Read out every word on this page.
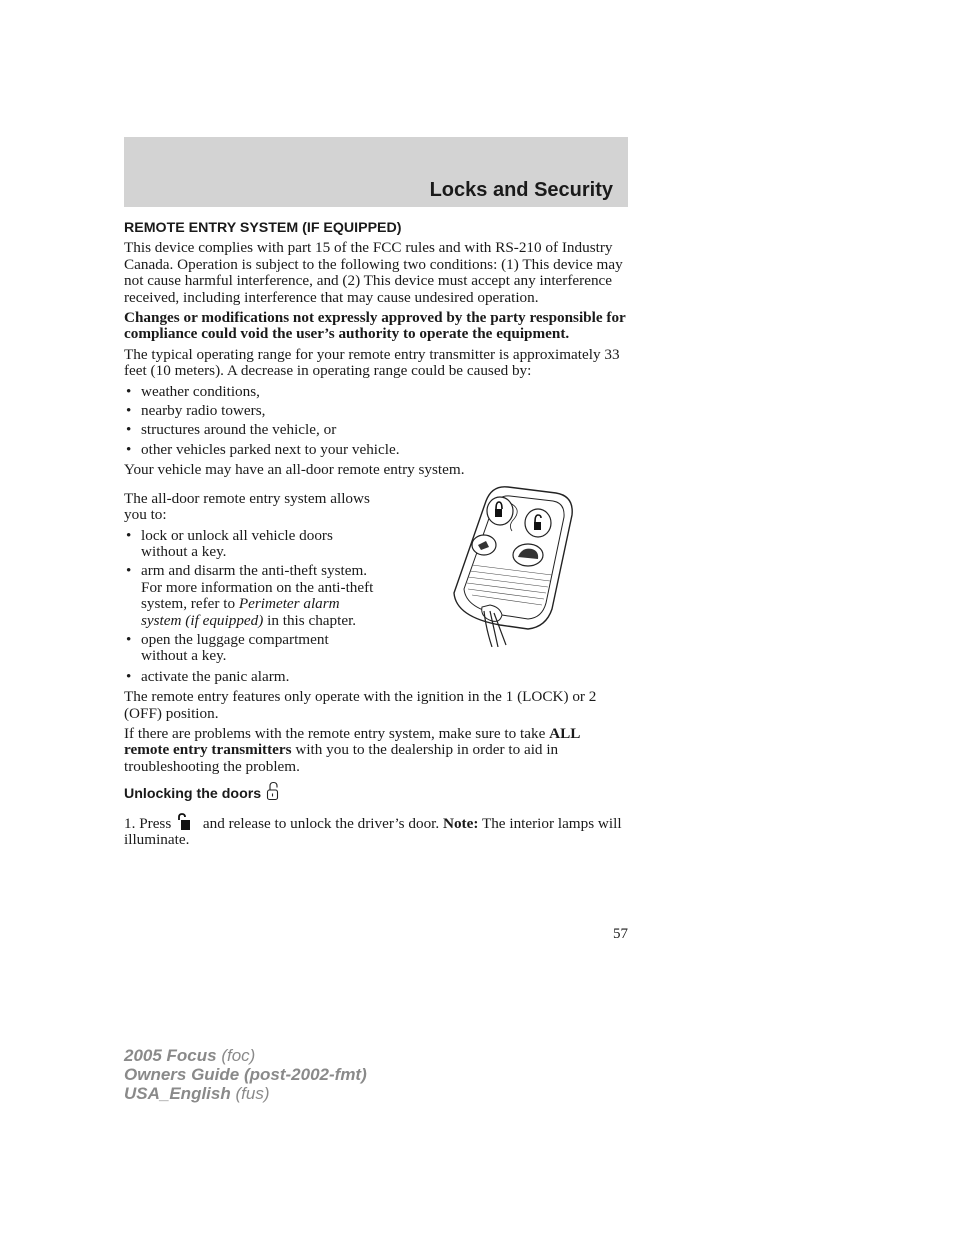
Locks and Security
REMOTE ENTRY SYSTEM (IF EQUIPPED)

This device complies with part 15 of the FCC rules and with RS-210 of Industry Canada. Operation is subject to the following two conditions: (1) This device may not cause harmful interference, and (2) This device must accept any interference received, including interference that may cause undesired operation.

Changes or modifications not expressly approved by the party responsible for compliance could void the user’s authority to operate the equipment.

The typical operating range for your remote entry transmitter is approximately 33 feet (10 meters). A decrease in operating range could be caused by:

• weather conditions,
• nearby radio towers,
• structures around the vehicle, or
• other vehicles parked next to your vehicle.

Your vehicle may have an all-door remote entry system.

The all-door remote entry system allows you to:

• lock or unlock all vehicle doors without a key.
• arm and disarm the anti-theft system. For more information on the anti-theft system, refer to Perimeter alarm system (if equipped) in this chapter.
• open the luggage compartment without a key.
• activate the panic alarm.

The remote entry features only operate with the ignition in the 1 (LOCK) or 2 (OFF) position.

If there are problems with the remote entry system, make sure to take ALL remote entry transmitters with you to the dealership in order to aid in troubleshooting the problem.

Unlocking the doors

1. Press and release to unlock the driver’s door. Note: The interior lamps will illuminate.

57
2005 Focus (foc)
Owners Guide (post-2002-fmt)
USA_English (fus)
